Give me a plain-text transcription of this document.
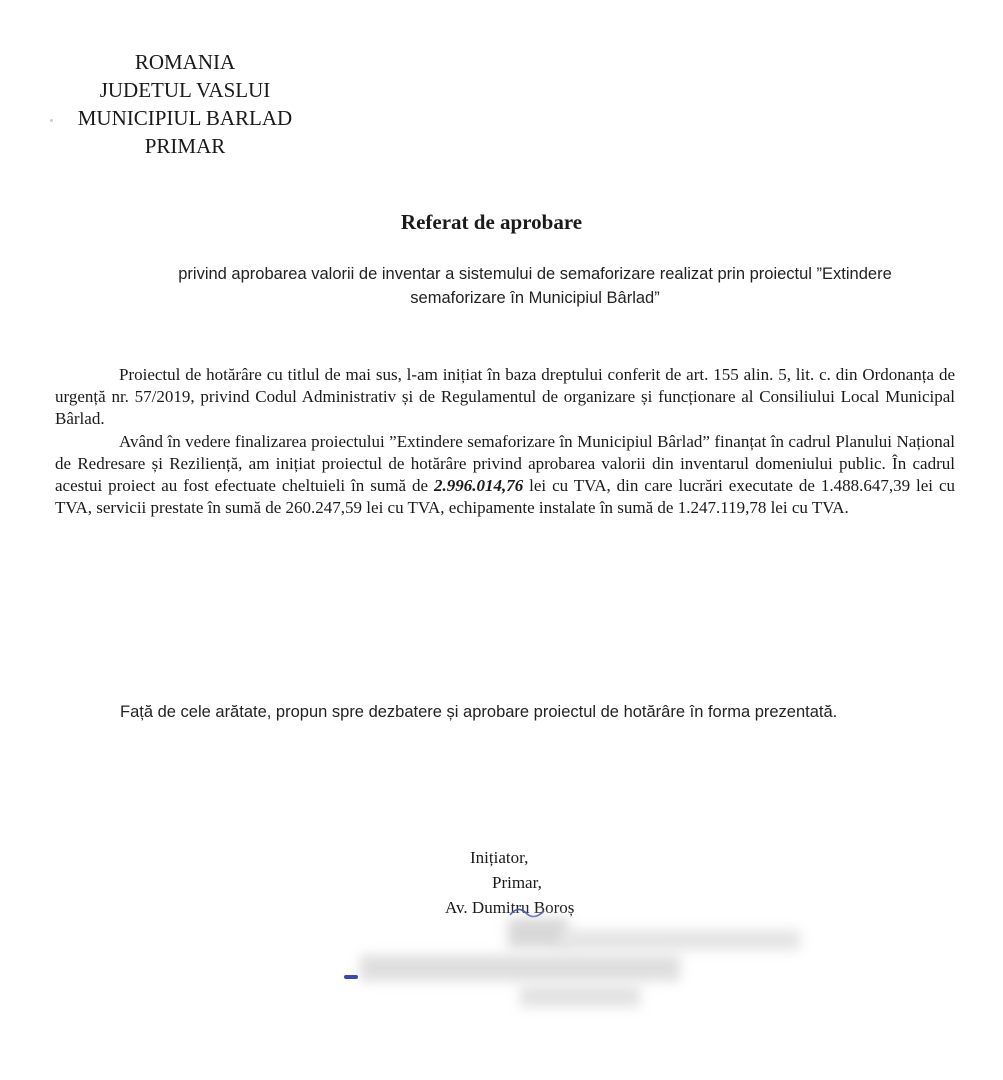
ROMANIA
JUDETUL VASLUI
MUNICIPIUL BARLAD
PRIMAR
Referat de aprobare
privind aprobarea valorii de inventar a sistemului de semaforizare realizat prin proiectul ”Extindere
semaforizare în Municipiul Bârlad”

Proiectul de hotărâre cu titlul de mai sus, l-am inițiat în baza dreptului conferit de art. 155 alin. 5, lit. c. din Ordonanța de urgență nr. 57/2019, privind Codul Administrativ și de Regulamentul de organizare și funcționare al Consiliului Local Municipal Bârlad.

Având în vedere finalizarea proiectului ”Extindere semaforizare în Municipiul Bârlad” finanțat în cadrul Planului Național de Redresare și Reziliență, am inițiat proiectul de hotărâre privind aprobarea valorii din inventarul domeniului public. În cadrul acestui proiect au fost efectuate cheltuieli în sumă de 2.996.014,76 lei cu TVA, din care lucrări executate de 1.488.647,39 lei cu TVA, servicii prestate în sumă de 260.247,59 lei cu TVA, echipamente instalate în sumă de 1.247.119,78 lei cu TVA.

Față de cele arătate, propun spre dezbatere și aprobare proiectul de hotărâre în forma prezentată.
Inițiator,
Primar,
Av. Dumitru Boroș
